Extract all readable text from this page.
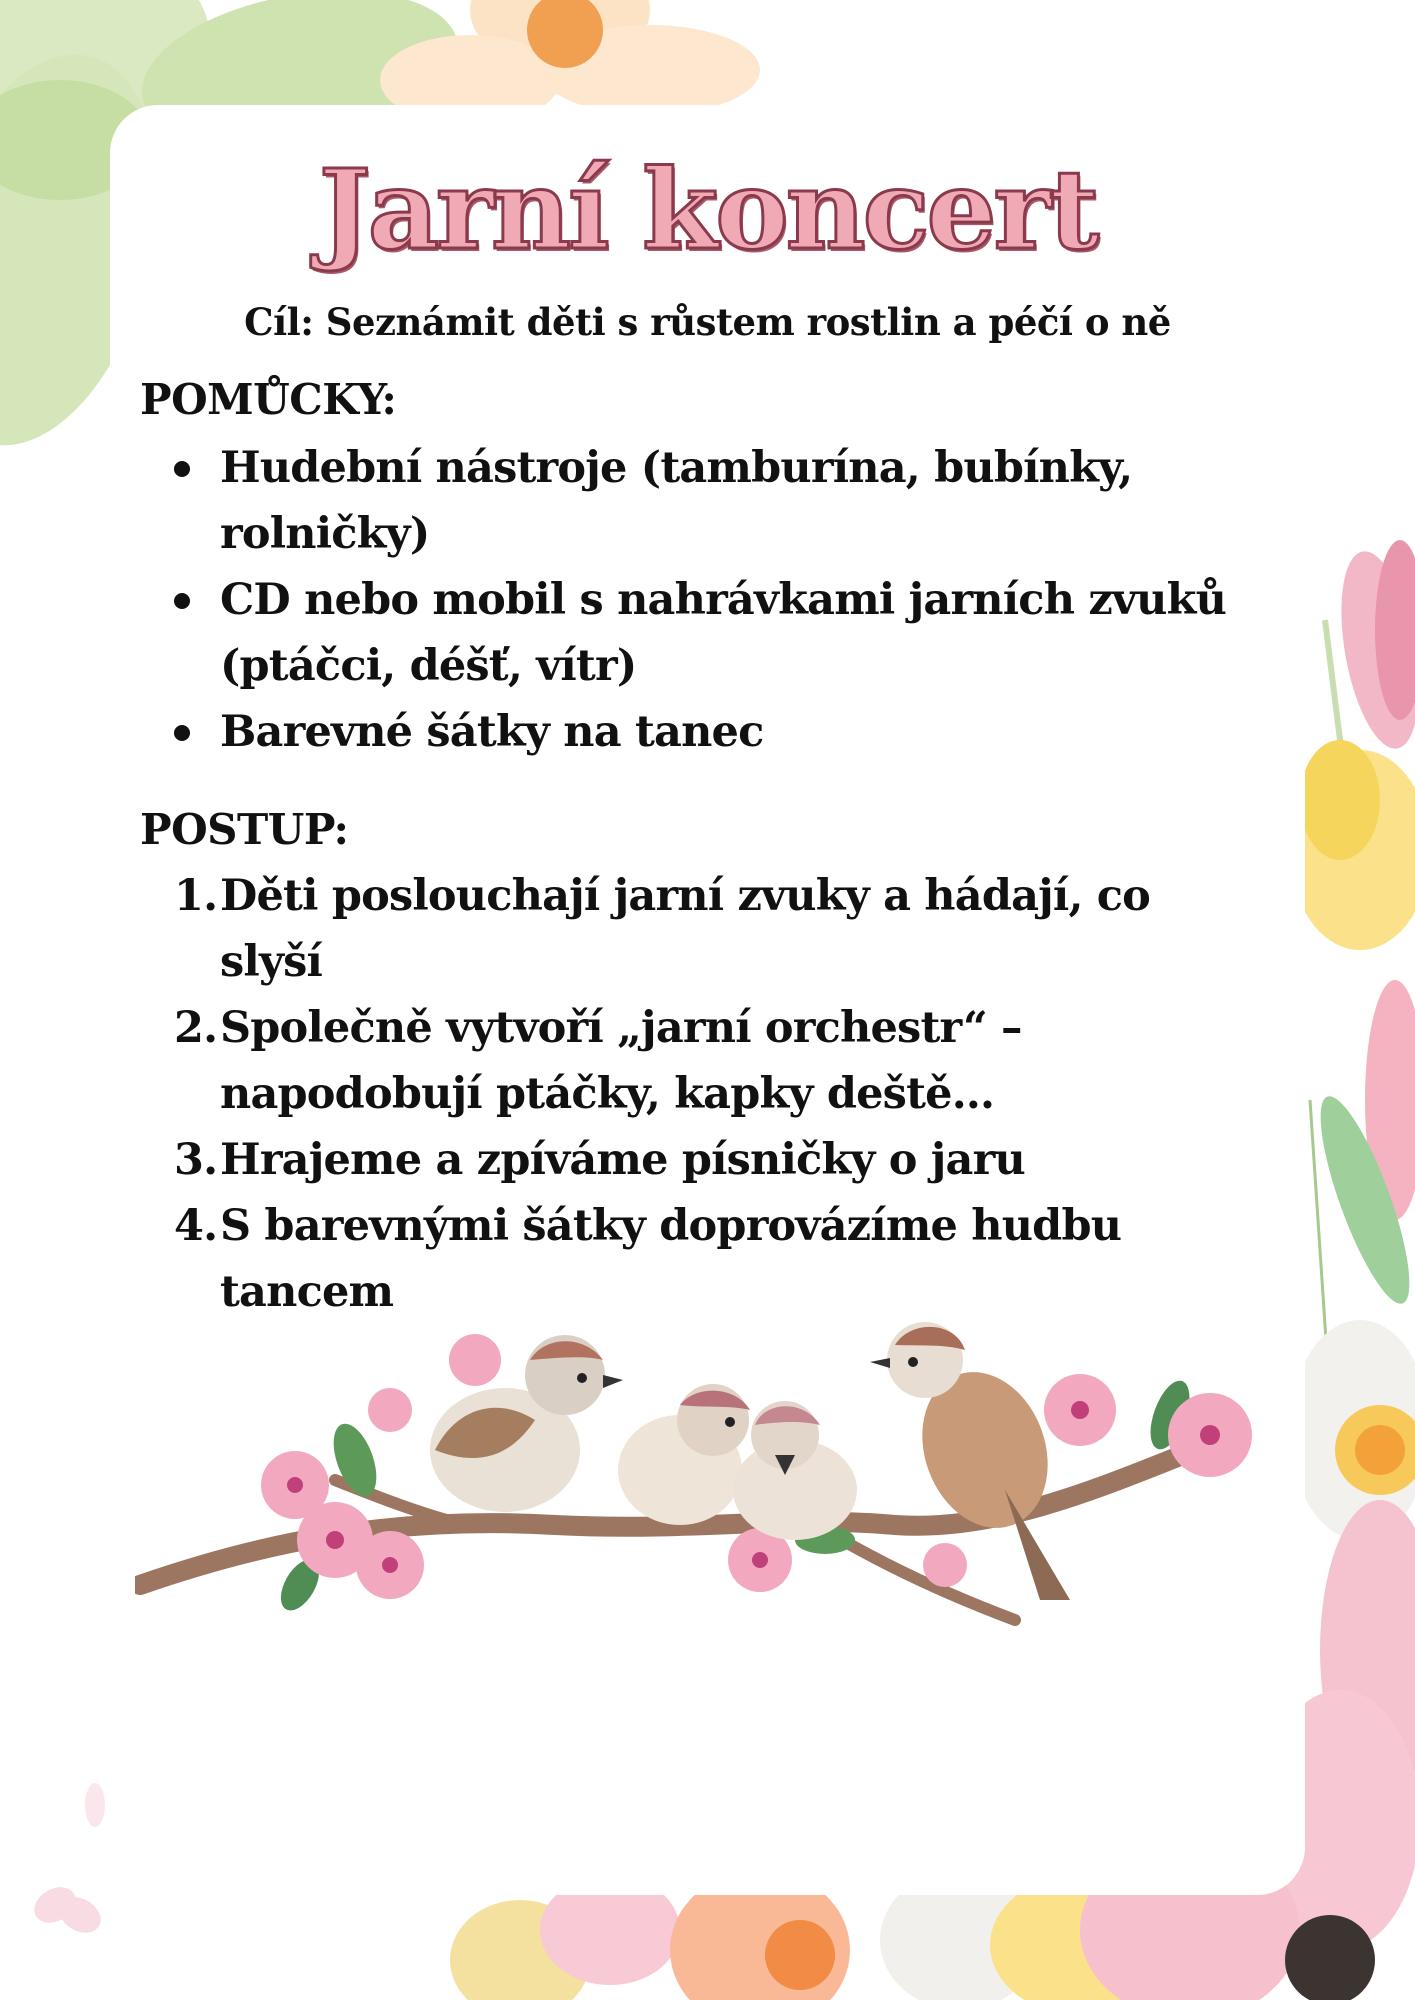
Jarní koncert
Cíl: Seznámit děti s růstem rostlin a péčí o ně
POMŮCKY:
Hudební nástroje (tamburína, bubínky, rolničky)
CD nebo mobil s nahrávkami jarních zvuků (ptáčci, déšť, vítr)
Barevné šátky na tanec
POSTUP:
1. Děti poslouchají jarní zvuky a hádají, co slyší
2. Společně vytvoří „jarní orchestr“ – napodobují ptáčky, kapky deště...
3. Hrajeme a zpíváme písničky o jaru
4. S barevnými šátky doprovázíme hudbu tancem
